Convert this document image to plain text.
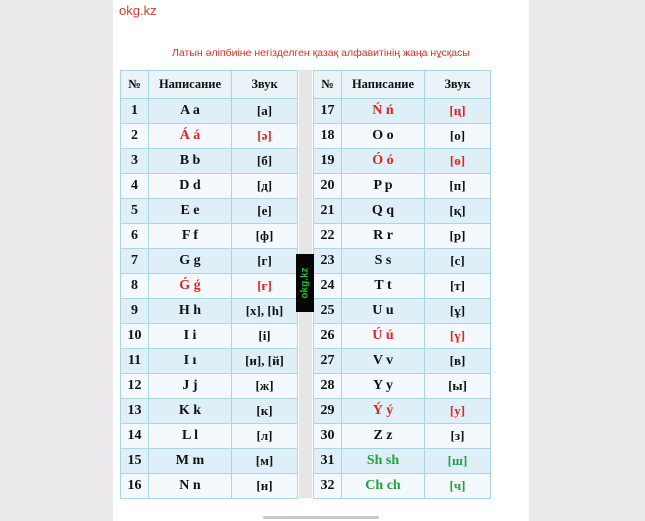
okg.kz
Латын әліпбиіне негізделген қазақ алфавитінің жаңа нұсқасы
№	Написание	Звук
1	A a	[а]
2	Á á	[ә]
3	B b	[б]
4	D d	[д]
5	E e	[е]
6	F f	[ф]
7	G g	[г]
8	Ǵ ǵ	[ғ]
9	H h	[х], [һ]
10	I i	[і]
11	I ı	[и], [й]
12	J j	[ж]
13	K k	[к]
14	L l	[л]
15	M m	[м]
16	N n	[н]
№	Написание	Звук
17	Ń ń	[ң]
18	O o	[о]
19	Ó ó	[ө]
20	P p	[п]
21	Q q	[қ]
22	R r	[р]
23	S s	[с]
24	T t	[т]
25	U u	[ұ]
26	Ú ú	[ү]
27	V v	[в]
28	Y y	[ы]
29	Ý ý	[у]
30	Z z	[з]
31	Sh sh	[ш]
32	Ch ch	[ч]
okg.kz
